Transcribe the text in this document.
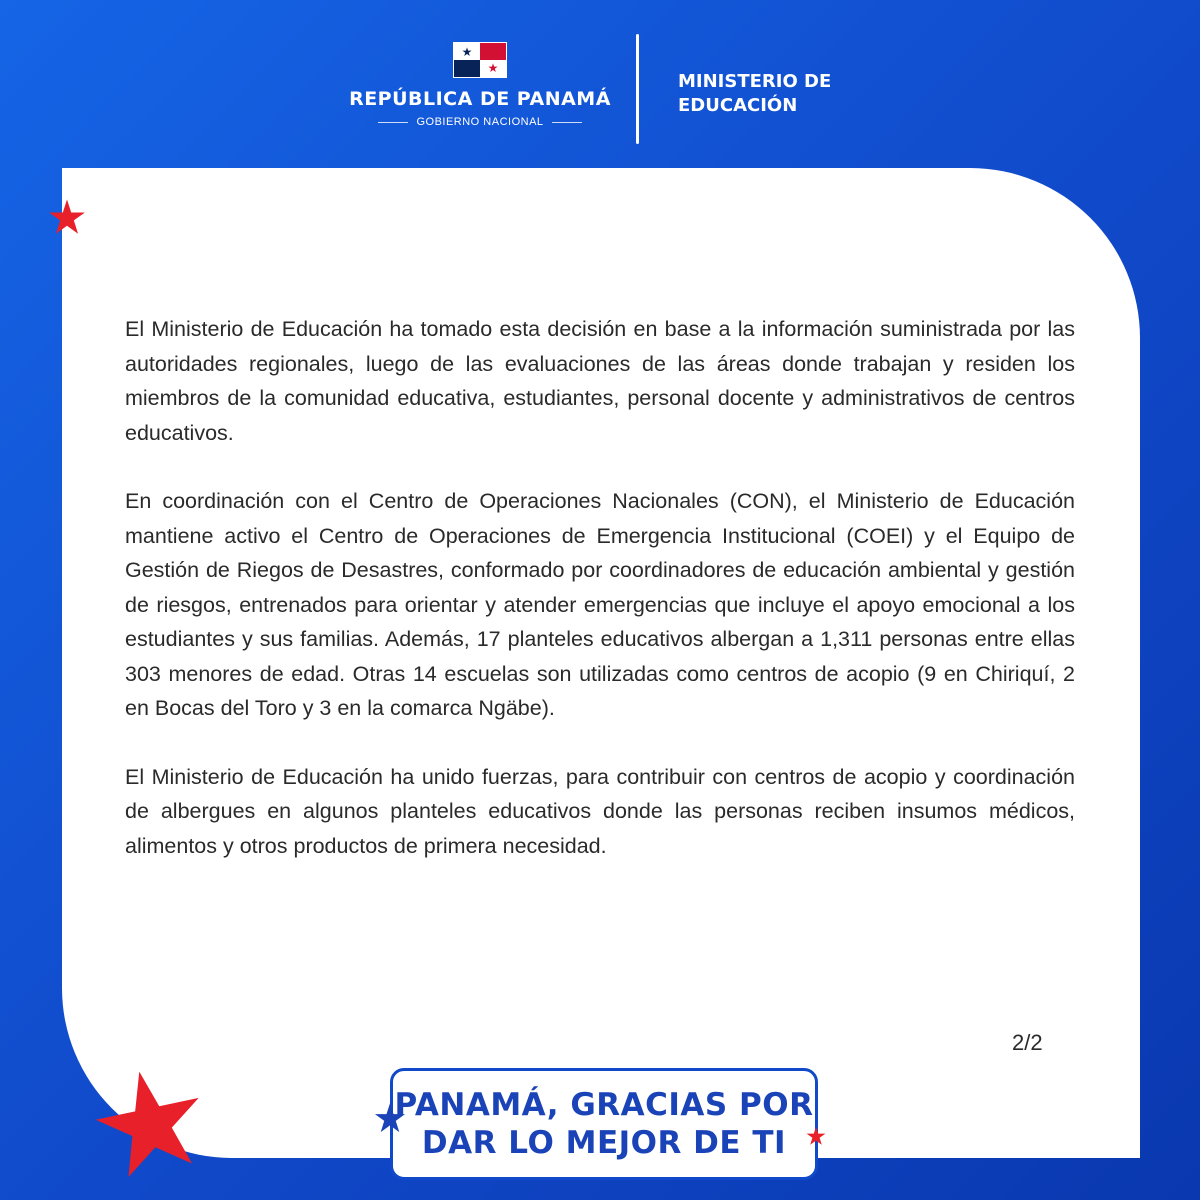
★
★
REPÚBLICA DE PANAMÁ
GOBIERNO NACIONAL
MINISTERIO DE
EDUCACIÓN

El Ministerio de Educación ha tomado esta decisión en base a la información suministrada por las autoridades regionales, luego de las evaluaciones de las áreas donde trabajan y residen los miembros de la comunidad educativa, estudiantes, personal docente y administrativos de centros educativos.

En coordinación con el Centro de Operaciones Nacionales (CON), el Ministerio de Educación mantiene activo el Centro de Operaciones de Emergencia Institucional (COEI) y el Equipo de Gestión de Riegos de Desastres, conformado por coordinadores de educación ambiental y gestión de riesgos, entrenados para orientar y atender emergencias que incluye el apoyo emocional a los estudiantes y sus familias. Además, 17 planteles educativos albergan a 1,311 personas entre ellas 303 menores de edad. Otras 14 escuelas son utilizadas como centros de acopio (9 en Chiriquí, 2 en Bocas del Toro y 3 en la comarca Ngäbe).

El Ministerio de Educación ha unido fuerzas, para contribuir con centros de acopio y coordinación de albergues en algunos planteles educativos donde las personas reciben insumos médicos, alimentos y otros productos de primera necesidad.

2/2
PANAMÁ, GRACIAS POR
DAR LO MEJOR DE TI
